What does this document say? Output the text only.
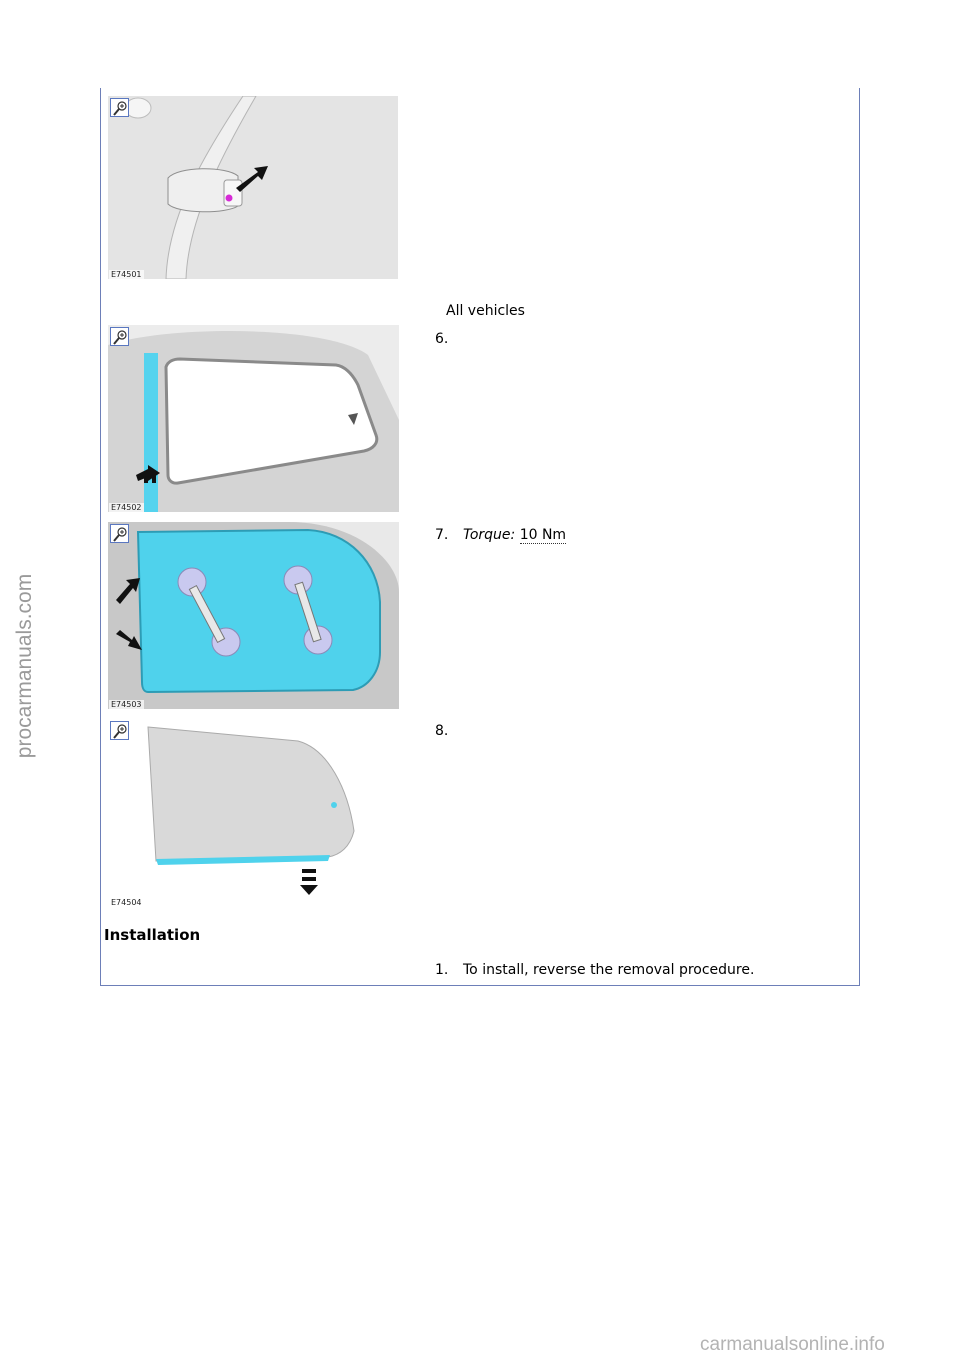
E74501
All vehicles
E74502
6.
E74503
7. Torque: 10 Nm
E74504
8.
Installation
1. To install, reverse the removal procedure.
procarmanuals.com
carmanualsonline.info
